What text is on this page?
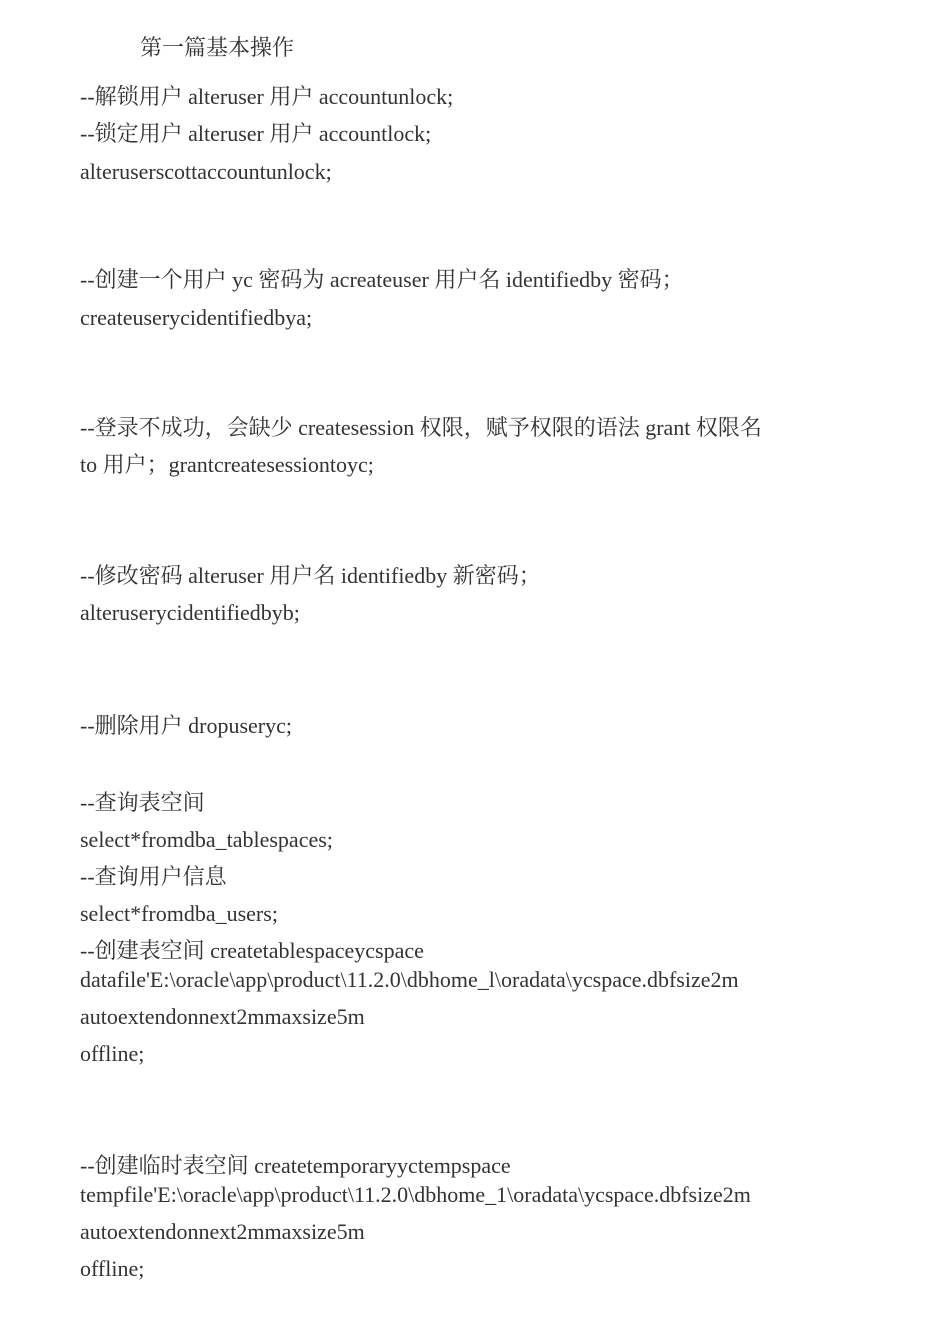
第一篇基本操作
--解锁用户 alteruser 用户 accountunlock;
--锁定用户 alteruser 用户 accountlock;
alteruserscottaccountunlock;
--创建一个用户 yc 密码为 acreateuser 用户名 identifiedby 密码；
createuserycidentifiedbya;
--登录不成功，会缺少 createsession 权限，赋予权限的语法 grant 权限名
to 用户；grantcreatesessiontoyc;
--修改密码 alteruser 用户名 identifiedby 新密码；
alteruserycidentifiedbyb;
--删除用户 dropuseryc;
--查询表空间
select*fromdba_tablespaces;
--查询用户信息
select*fromdba_users;
--创建表空间 createtablespaceycspace
datafile'E:\oracle\app\product\11.2.0\dbhome_l\oradata\ycspace.dbfsize2m
autoextendonnext2mmaxsize5m
offline;
--创建临时表空间 createtemporaryyctempspace
tempfile'E:\oracle\app\product\11.2.0\dbhome_1\oradata\ycspace.dbfsize2m
autoextendonnext2mmaxsize5m
offline;
